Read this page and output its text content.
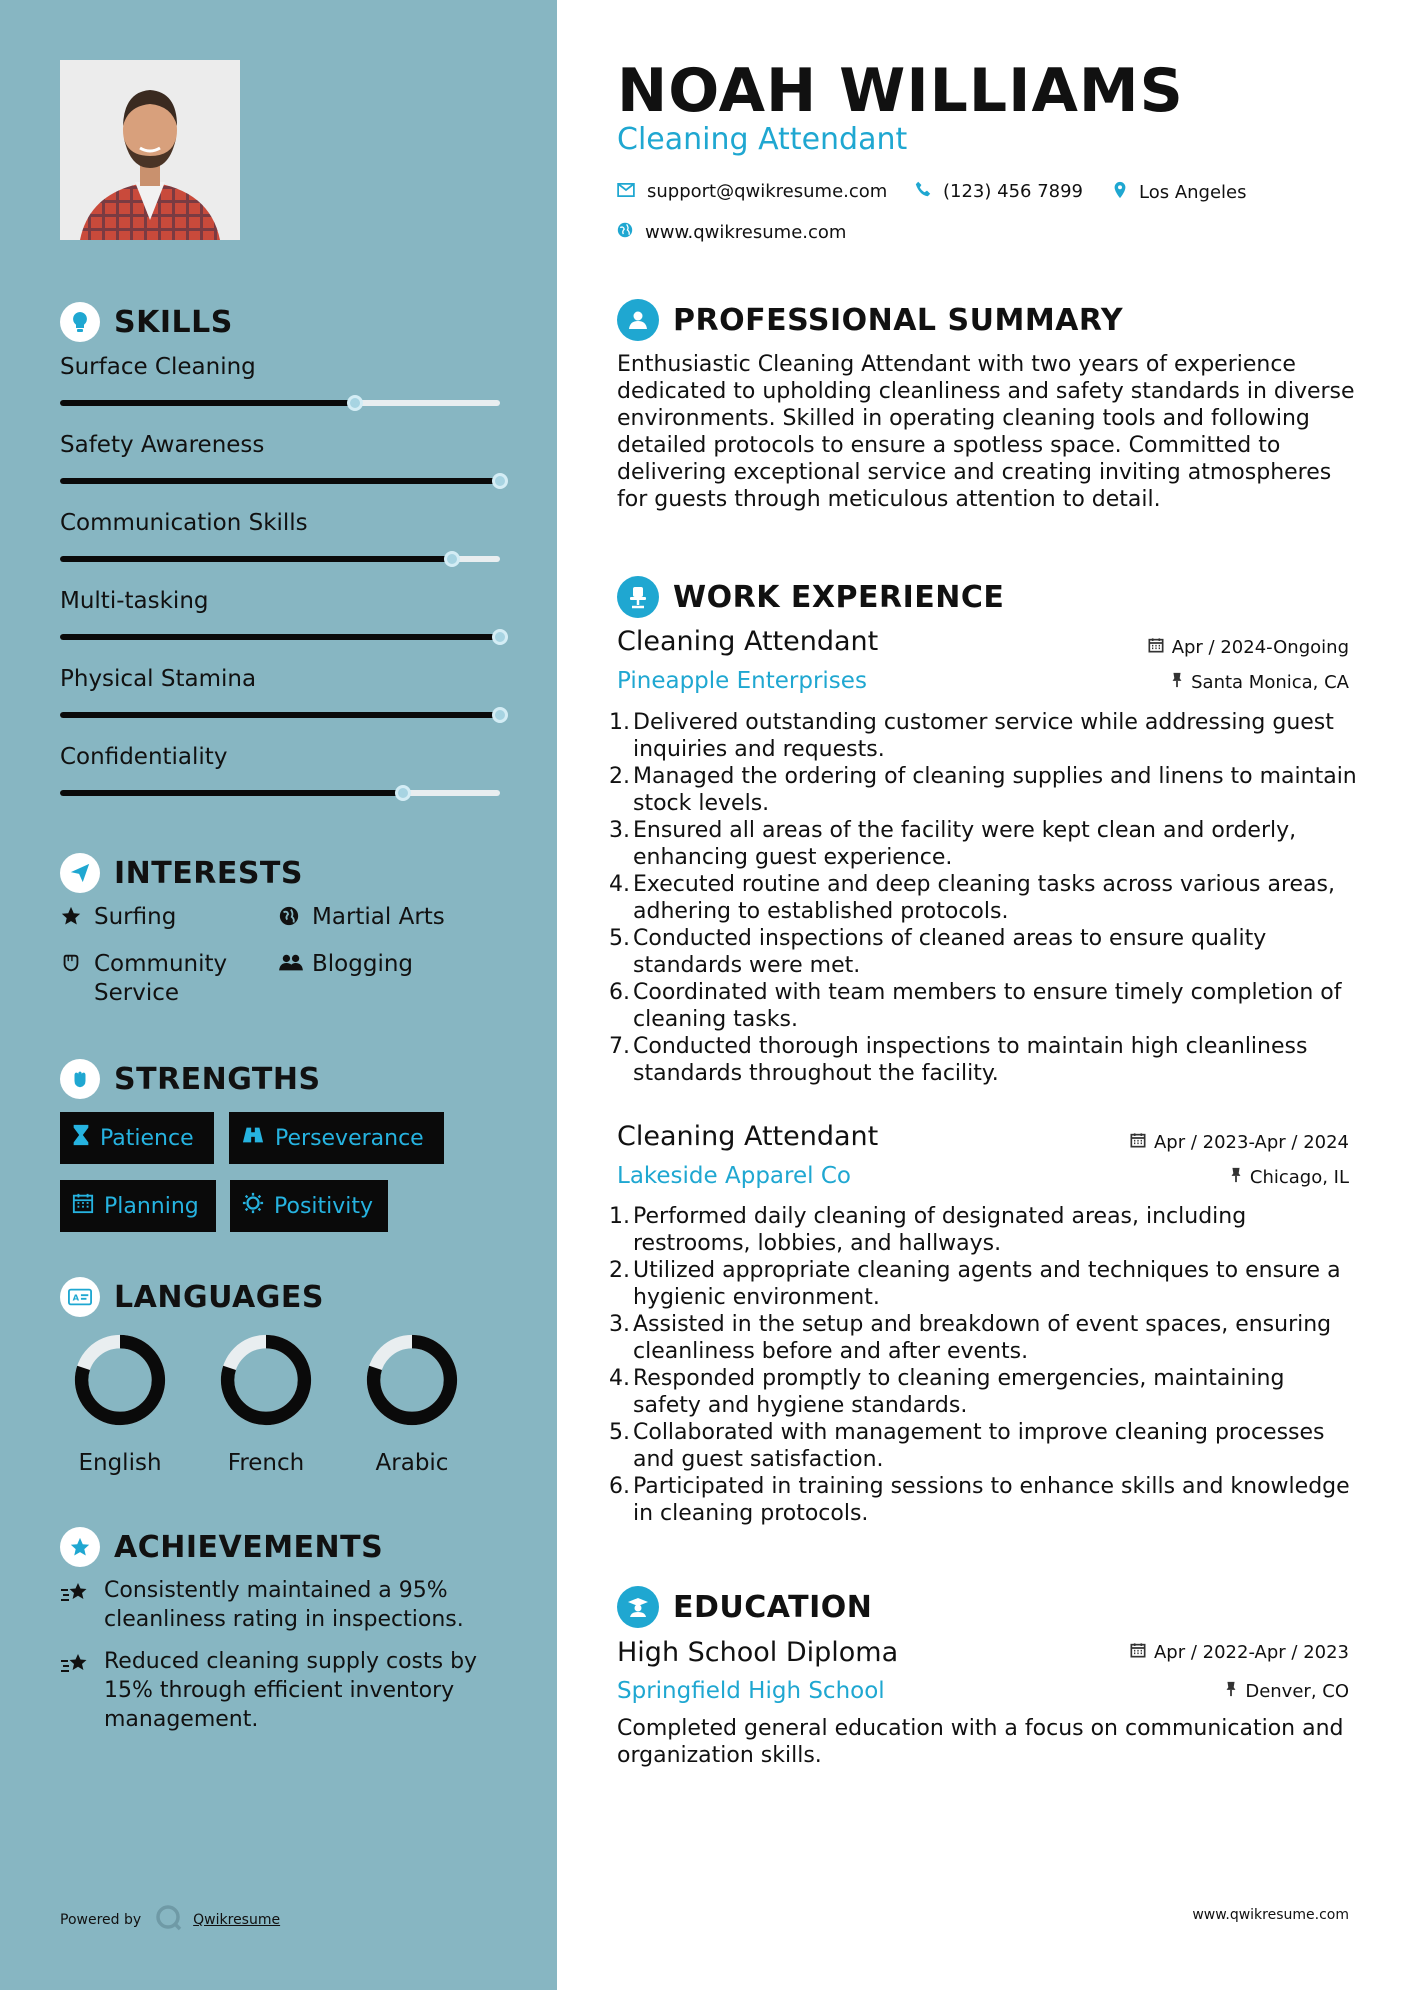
SKILLS
Surface Cleaning
Safety Awareness
Communication Skills
Multi-tasking
Physical Stamina
Confidentiality
INTERESTS
Surfing	Martial Arts
Community Service
Blogging
STRENGTHS
Patience	Perseverance
Planning	Positivity
A LANGUAGES
English	French	Arabic
ACHIEVEMENTS
Consistently maintained a 95% cleanliness rating in inspections.
Reduced cleaning supply costs by 15% through efficient inventory management.
Powered by	Qwikresume
NOAH WILLIAMS
Cleaning Attendant
support@qwikresume.com	(123) 456 7899	Los Angeles
www.qwikresume.com
PROFESSIONAL SUMMARY
Enthusiastic Cleaning Attendant with two years of experience dedicated to upholding cleanliness and safety standards in diverse environments. Skilled in operating cleaning tools and following detailed protocols to ensure a spotless space. Committed to delivering exceptional service and creating inviting atmospheres for guests through meticulous attention to detail.
WORK EXPERIENCE
Cleaning Attendant	Apr / 2024-Ongoing
Pineapple Enterprises	Santa Monica, CA
1. Delivered outstanding customer service while addressing guest inquiries and requests.
2. Managed the ordering of cleaning supplies and linens to maintain stock levels.
3. Ensured all areas of the facility were kept clean and orderly, enhancing guest experience.
4. Executed routine and deep cleaning tasks across various areas, adhering to established protocols.
5. Conducted inspections of cleaned areas to ensure quality standards were met.
6. Coordinated with team members to ensure timely completion of cleaning tasks.
7. Conducted thorough inspections to maintain high cleanliness standards throughout the facility.
Cleaning Attendant	Apr / 2023-Apr / 2024
Lakeside Apparel Co	Chicago, IL
1. Performed daily cleaning of designated areas, including restrooms, lobbies, and hallways.
2. Utilized appropriate cleaning agents and techniques to ensure a hygienic environment.
3. Assisted in the setup and breakdown of event spaces, ensuring cleanliness before and after events.
4. Responded promptly to cleaning emergencies, maintaining safety and hygiene standards.
5. Collaborated with management to improve cleaning processes and guest satisfaction.
6. Participated in training sessions to enhance skills and knowledge in cleaning protocols.
EDUCATION
High School Diploma	Apr / 2022-Apr / 2023
Springfield High School	Denver, CO
Completed general education with a focus on communication and organization skills.
www.qwikresume.com
